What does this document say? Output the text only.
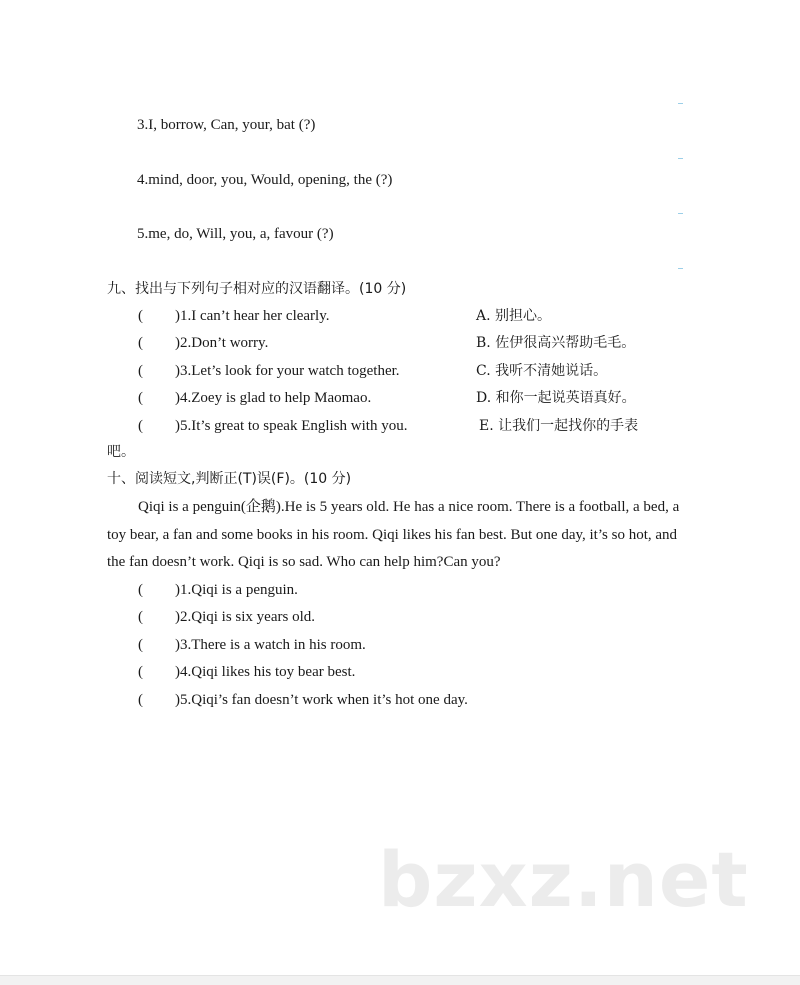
3.I, borrow, Can, your, bat (?)
4.mind, door, you, Would, opening, the (?)
5.me, do, Will, you, a, favour (?)
九、找出与下列句子相对应的汉语翻译。(10 分)
( )1.I can’t hear her clearly.	A. 别担心。
( )2.Don’t worry.	B. 佐伊很高兴帮助毛毛。
( )3.Let’s look for your watch together.	C. 我听不清她说话。
( )4.Zoey is glad to help Maomao.	D. 和你一起说英语真好。
( )5.It’s great to speak English with you.	E. 让我们一起找你的手表
吧。
十、阅读短文,判断正(T)误(F)。(10 分)
Qiqi is a penguin(企鹅).He is 5 years old. He has a nice room. There is a football, a bed, a toy bear, a fan and some books in his room. Qiqi likes his fan best. But one day, it’s so hot, and the fan doesn’t work. Qiqi is so sad. Who can help him?Can you?
( )1.Qiqi is a penguin.
( )2.Qiqi is six years old.
( )3.There is a watch in his room.
( )4.Qiqi likes his toy bear best.
( )5.Qiqi’s fan doesn’t work when it’s hot one day.
bzxz.net
